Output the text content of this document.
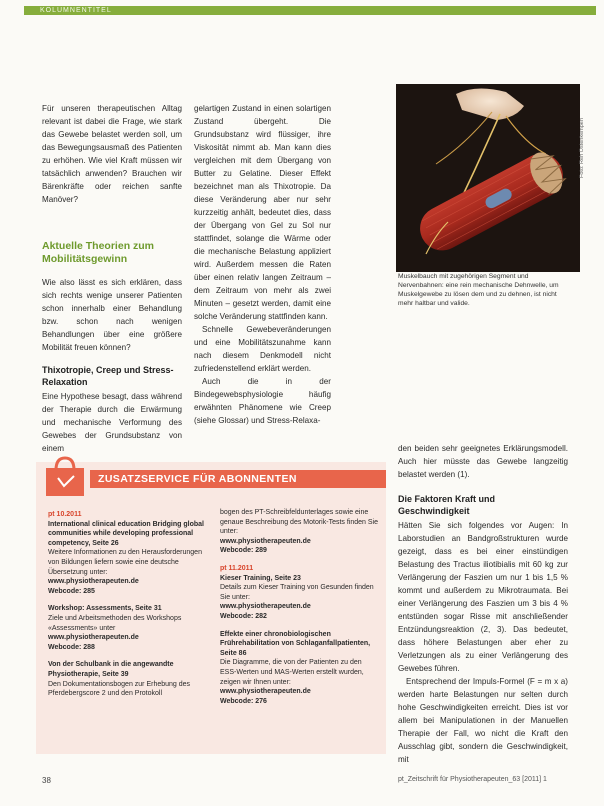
KOLUMNENTITEL

Für unseren therapeutischen Alltag relevant ist dabei die Frage, wie stark das Gewebe belastet werden soll, um das Bewegungsausmaß des Patienten zu erhöhen. Wie viel Kraft müssen wir tatsächlich anwenden? Brauchen wir Bärenkräfte oder reichen sanfte Manöver?

Aktuelle Theorien zum Mobilitätsgewinn

Wie also lässt es sich erklären, dass sich rechts wenige unserer Patienten schon innerhalb einer Behandlung bzw. schon nach wenigen Behandlungen über eine größere Mobilität freuen können?

Thixotropie, Creep und Stress-Relaxation

Eine Hypothese besagt, dass während der Therapie durch die Erwärmung und mechanische Verformung des Gewebes der Grundsubstanz von einem

gelartigen Zustand in einen solartigen Zustand übergeht. Die Grundsubstanz wird flüssiger, ihre Viskosität nimmt ab. Man kann dies vergleichen mit dem Übergang von Butter zu Gelatine. Dieser Effekt bezeichnet man als Thixotropie. Da diese Veränderung aber nur sehr kurzzeitig anhält, bedeutet dies, dass der Übergang von Gel zu Sol nur stattfindet, solange die Wärme oder die mechanische Belastung appliziert wird. Außerdem messen die Raten über einen relativ langen Zeitraum – dem Zeitraum von mehr als zwei Minuten – gesetzt werden, damit eine solche Veränderung stattfinden kann.

Schnelle Gewebeveränderungen und eine Mobilitätszunahme kann nach diesem Denkmodell nicht zufriedenstellend erklärt werden.

Auch die in der Bindegewebsphysiologie häufig erwähnten Phänomene wie Creep (siehe Glossar) und Stress-Relaxa-

Foto: Reh Ostenkempen
Muskelbauch mit zugehörigen Segment und Nervenbahnen: eine rein mechanische Dehnwelle, um Muskelgewebe zu lösen dem und zu dehnen, ist nicht mehr haltbar und valide.

den beiden sehr geeignetes Erklärungsmodell. Auch hier müsste das Gewebe langzeitig belastet werden (1).

Die Faktoren Kraft und Geschwindigkeit

Hätten Sie sich folgendes vor Augen: In Laborstudien an Bandgroßstrukturen wurde gezeigt, dass es bei einer einstündigen Belastung des Tractus iliotibialis mit 60 kg zur Verlängerung der Faszien um nur 1 bis 1,5 % kommt und außerdem zu Mikrotraumata. Bei einer Verlängerung des Faszien um 3 bis 4 % entstünden sogar Risse mit anschließender Entzündungsreaktion (2, 3). Das bedeutet, dass höhere Belastungen aber eher zu Verletzungen als zu einer Verlängerung des Gewebes führen.

Entsprechend der Impuls-Formel (F = m x a) werden harte Belastungen nur selten durch hohe Geschwindigkeiten erreicht. Dies ist vor allem bei Manipulationen in der Manuellen Therapie der Fall, wo nicht die Kraft den Ausschlag gibt, sondern die Geschwindigkeit, mit

ZUSATZSERVICE FÜR ABONNENTEN
pt 10.2011
International clinical education Bridging global communities while developing professional competency, Seite 26
Weitere Informationen zu den Herausforderungen von Bildungen liefern sowie eine deutsche Übersetzung unter:
www.physiotherapeuten.de
Webcode: 285
Workshop: Assessments, Seite 31
Ziele und Arbeitsmethoden des Workshops «Assessments» unter
www.physiotherapeuten.de
Webcode: 288
Von der Schulbank in die angewandte Physiotherapie, Seite 39
Den Dokumentationsbogen zur Erhebung des Pferdebergscore 2 und den Protokoll
bogen des PT-Schreibfeldunterlages sowie eine genaue Beschreibung des Motorik-Tests finden Sie unter:
www.physiotherapeuten.de
Webcode: 289
pt 11.2011
Kieser Training, Seite 23
Details zum Kieser Training von Gesunden finden Sie unter:
www.physiotherapeuten.de
Webcode: 282
Effekte einer chronobiologischen Frührehabilitation von Schlaganfallpatienten, Seite 86
Die Diagramme, die von der Patienten zu den ESS-Werten und MAS-Werten erstellt wurden, zeigen wir Ihnen unter:
www.physiotherapeuten.de
Webcode: 276
38	pt_Zeitschrift für Physiotherapeuten_63 [2011] 1
